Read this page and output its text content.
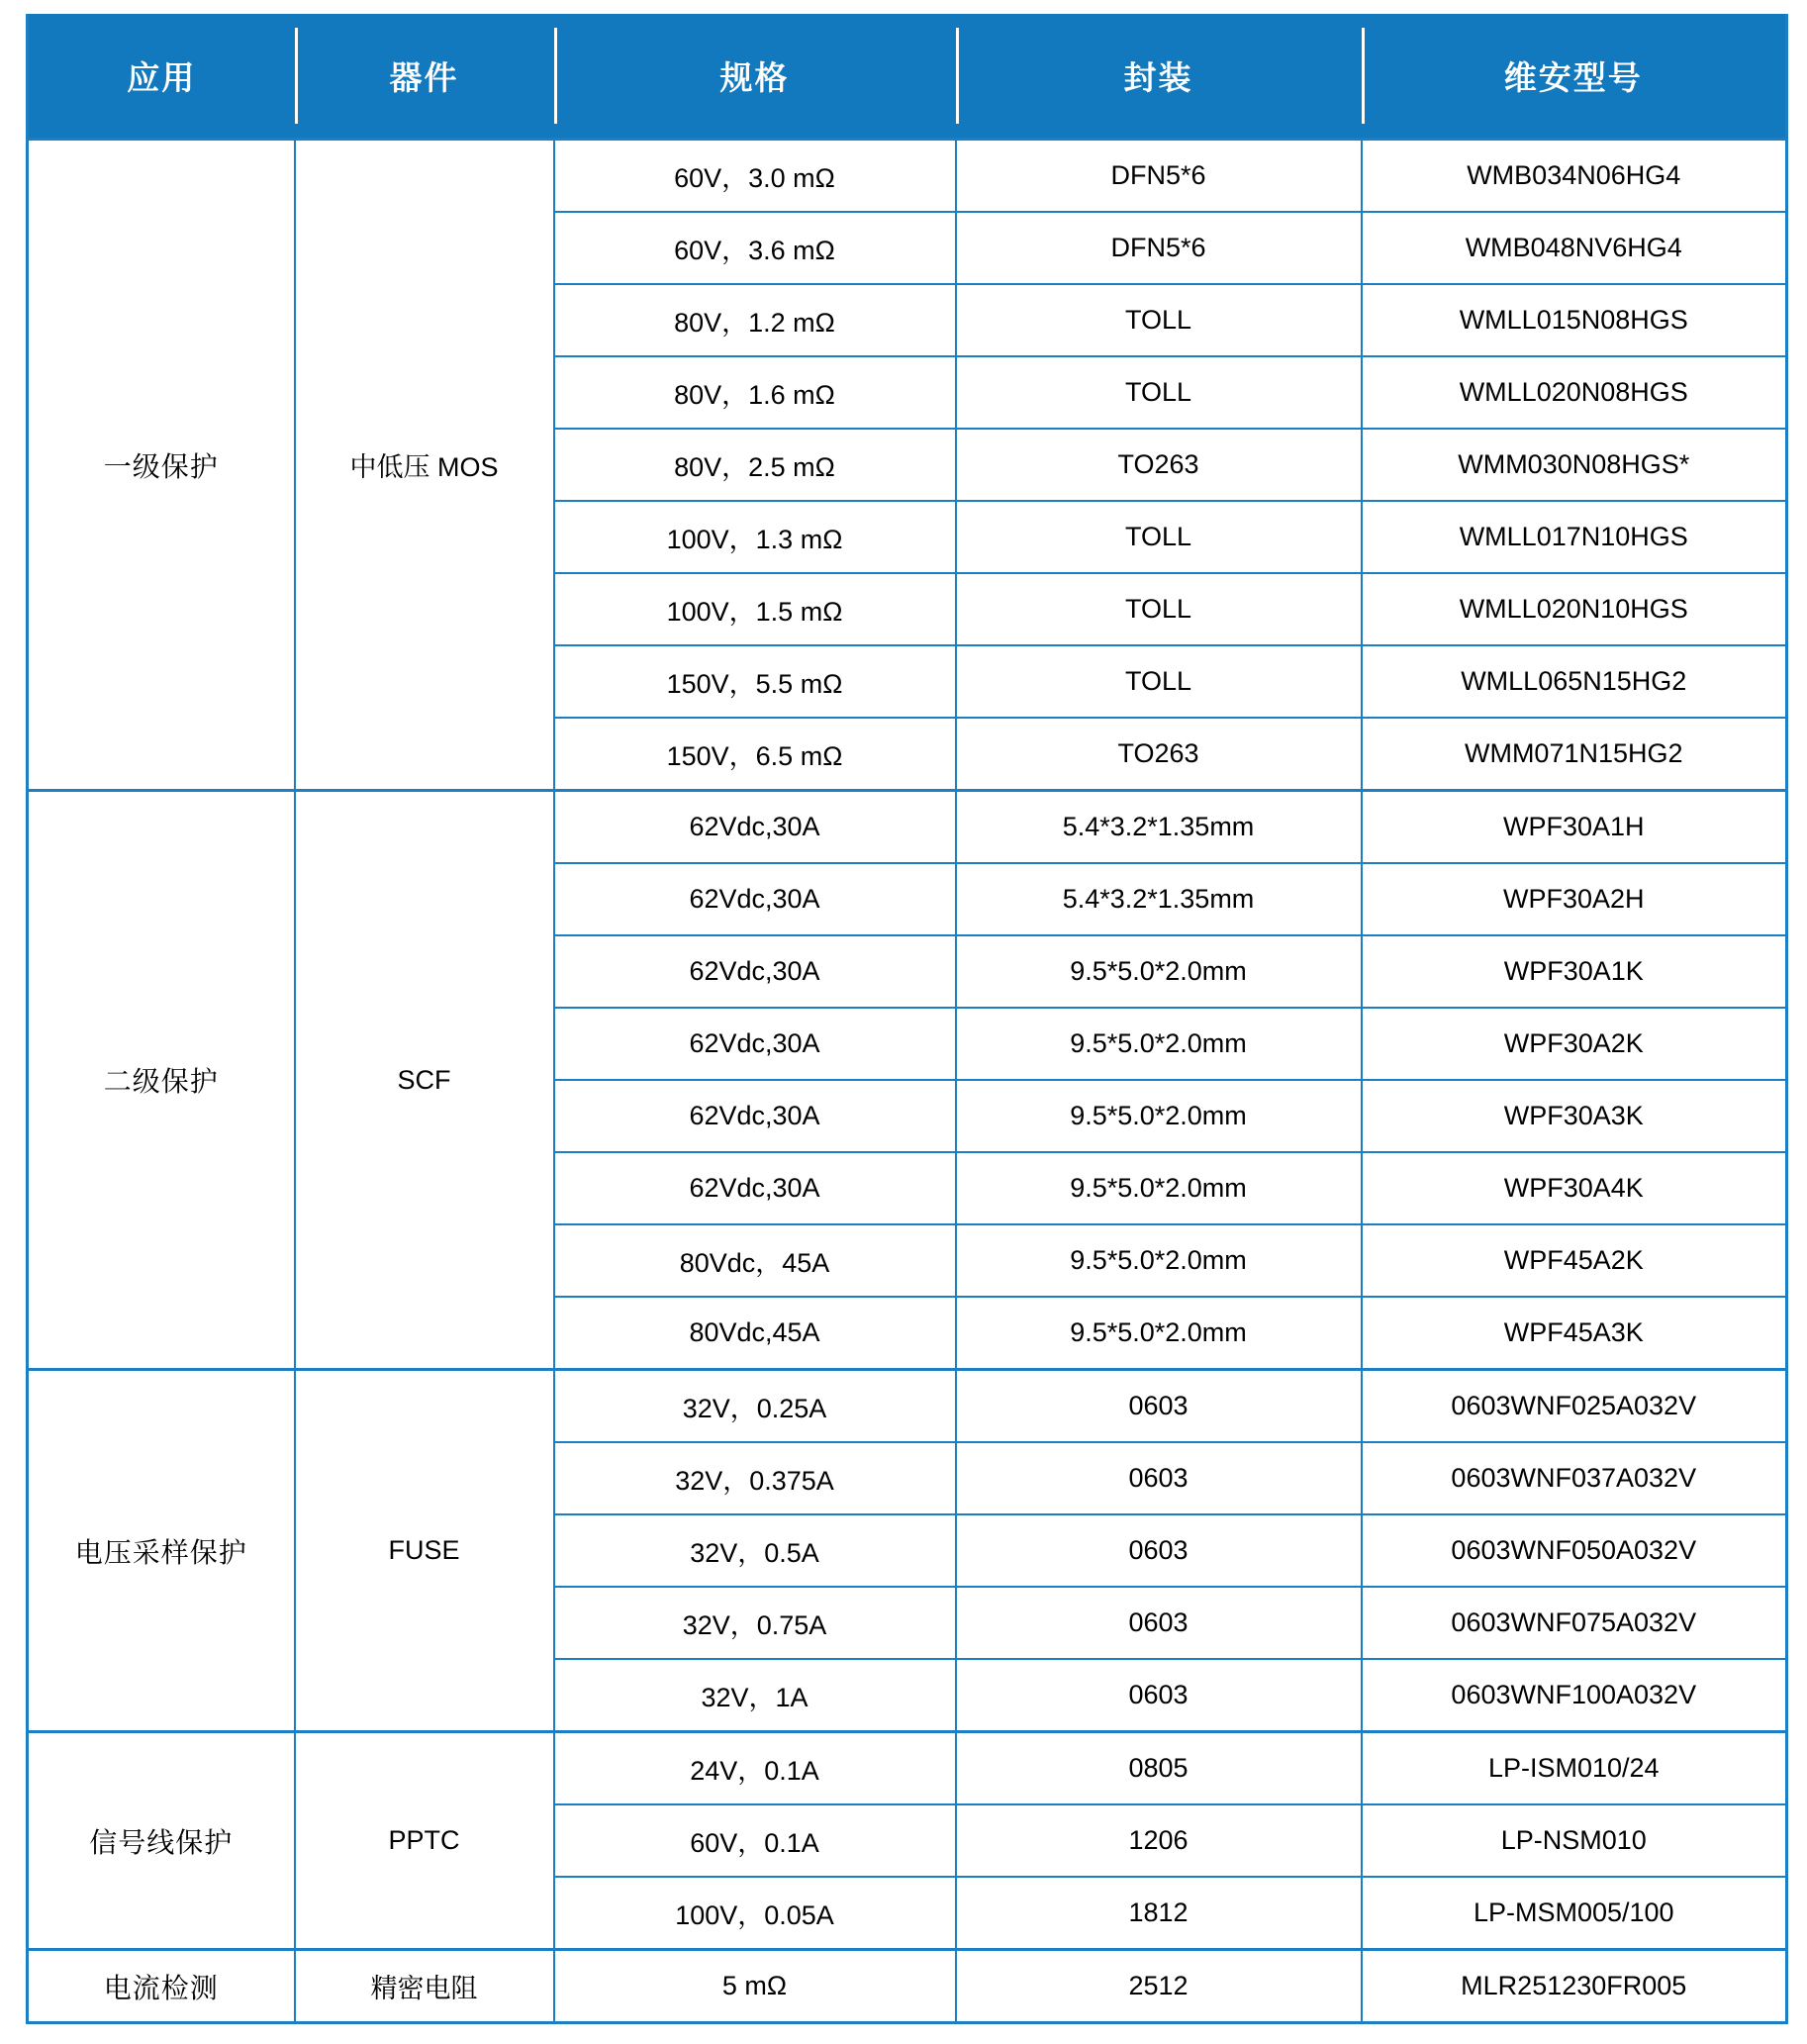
应用	器件	规格	封装	维安型号
一级保护	中低压 MOS	60V，3.0 mΩ	DFN5*6	WMB034N06HG4
		60V，3.6 mΩ	DFN5*6	WMB048NV6HG4
		80V，1.2 mΩ	TOLL	WMLL015N08HGS
		80V，1.6 mΩ	TOLL	WMLL020N08HGS
		80V，2.5 mΩ	TO263	WMM030N08HGS*
		100V，1.3 mΩ	TOLL	WMLL017N10HGS
		100V，1.5 mΩ	TOLL	WMLL020N10HGS
		150V，5.5 mΩ	TOLL	WMLL065N15HG2
		150V，6.5 mΩ	TO263	WMM071N15HG2
二级保护	SCF	62Vdc,30A	5.4*3.2*1.35mm	WPF30A1H
		62Vdc,30A	5.4*3.2*1.35mm	WPF30A2H
		62Vdc,30A	9.5*5.0*2.0mm	WPF30A1K
		62Vdc,30A	9.5*5.0*2.0mm	WPF30A2K
		62Vdc,30A	9.5*5.0*2.0mm	WPF30A3K
		62Vdc,30A	9.5*5.0*2.0mm	WPF30A4K
		80Vdc，45A	9.5*5.0*2.0mm	WPF45A2K
		80Vdc,45A	9.5*5.0*2.0mm	WPF45A3K
电压采样保护	FUSE	32V，0.25A	0603	0603WNF025A032V
		32V，0.375A	0603	0603WNF037A032V
		32V，0.5A	0603	0603WNF050A032V
		32V，0.75A	0603	0603WNF075A032V
		32V，1A	0603	0603WNF100A032V
信号线保护	PPTC	24V，0.1A	0805	LP-ISM010/24
		60V，0.1A	1206	LP-NSM010
		100V，0.05A	1812	LP-MSM005/100
电流检测	精密电阻	5 mΩ	2512	MLR251230FR005
